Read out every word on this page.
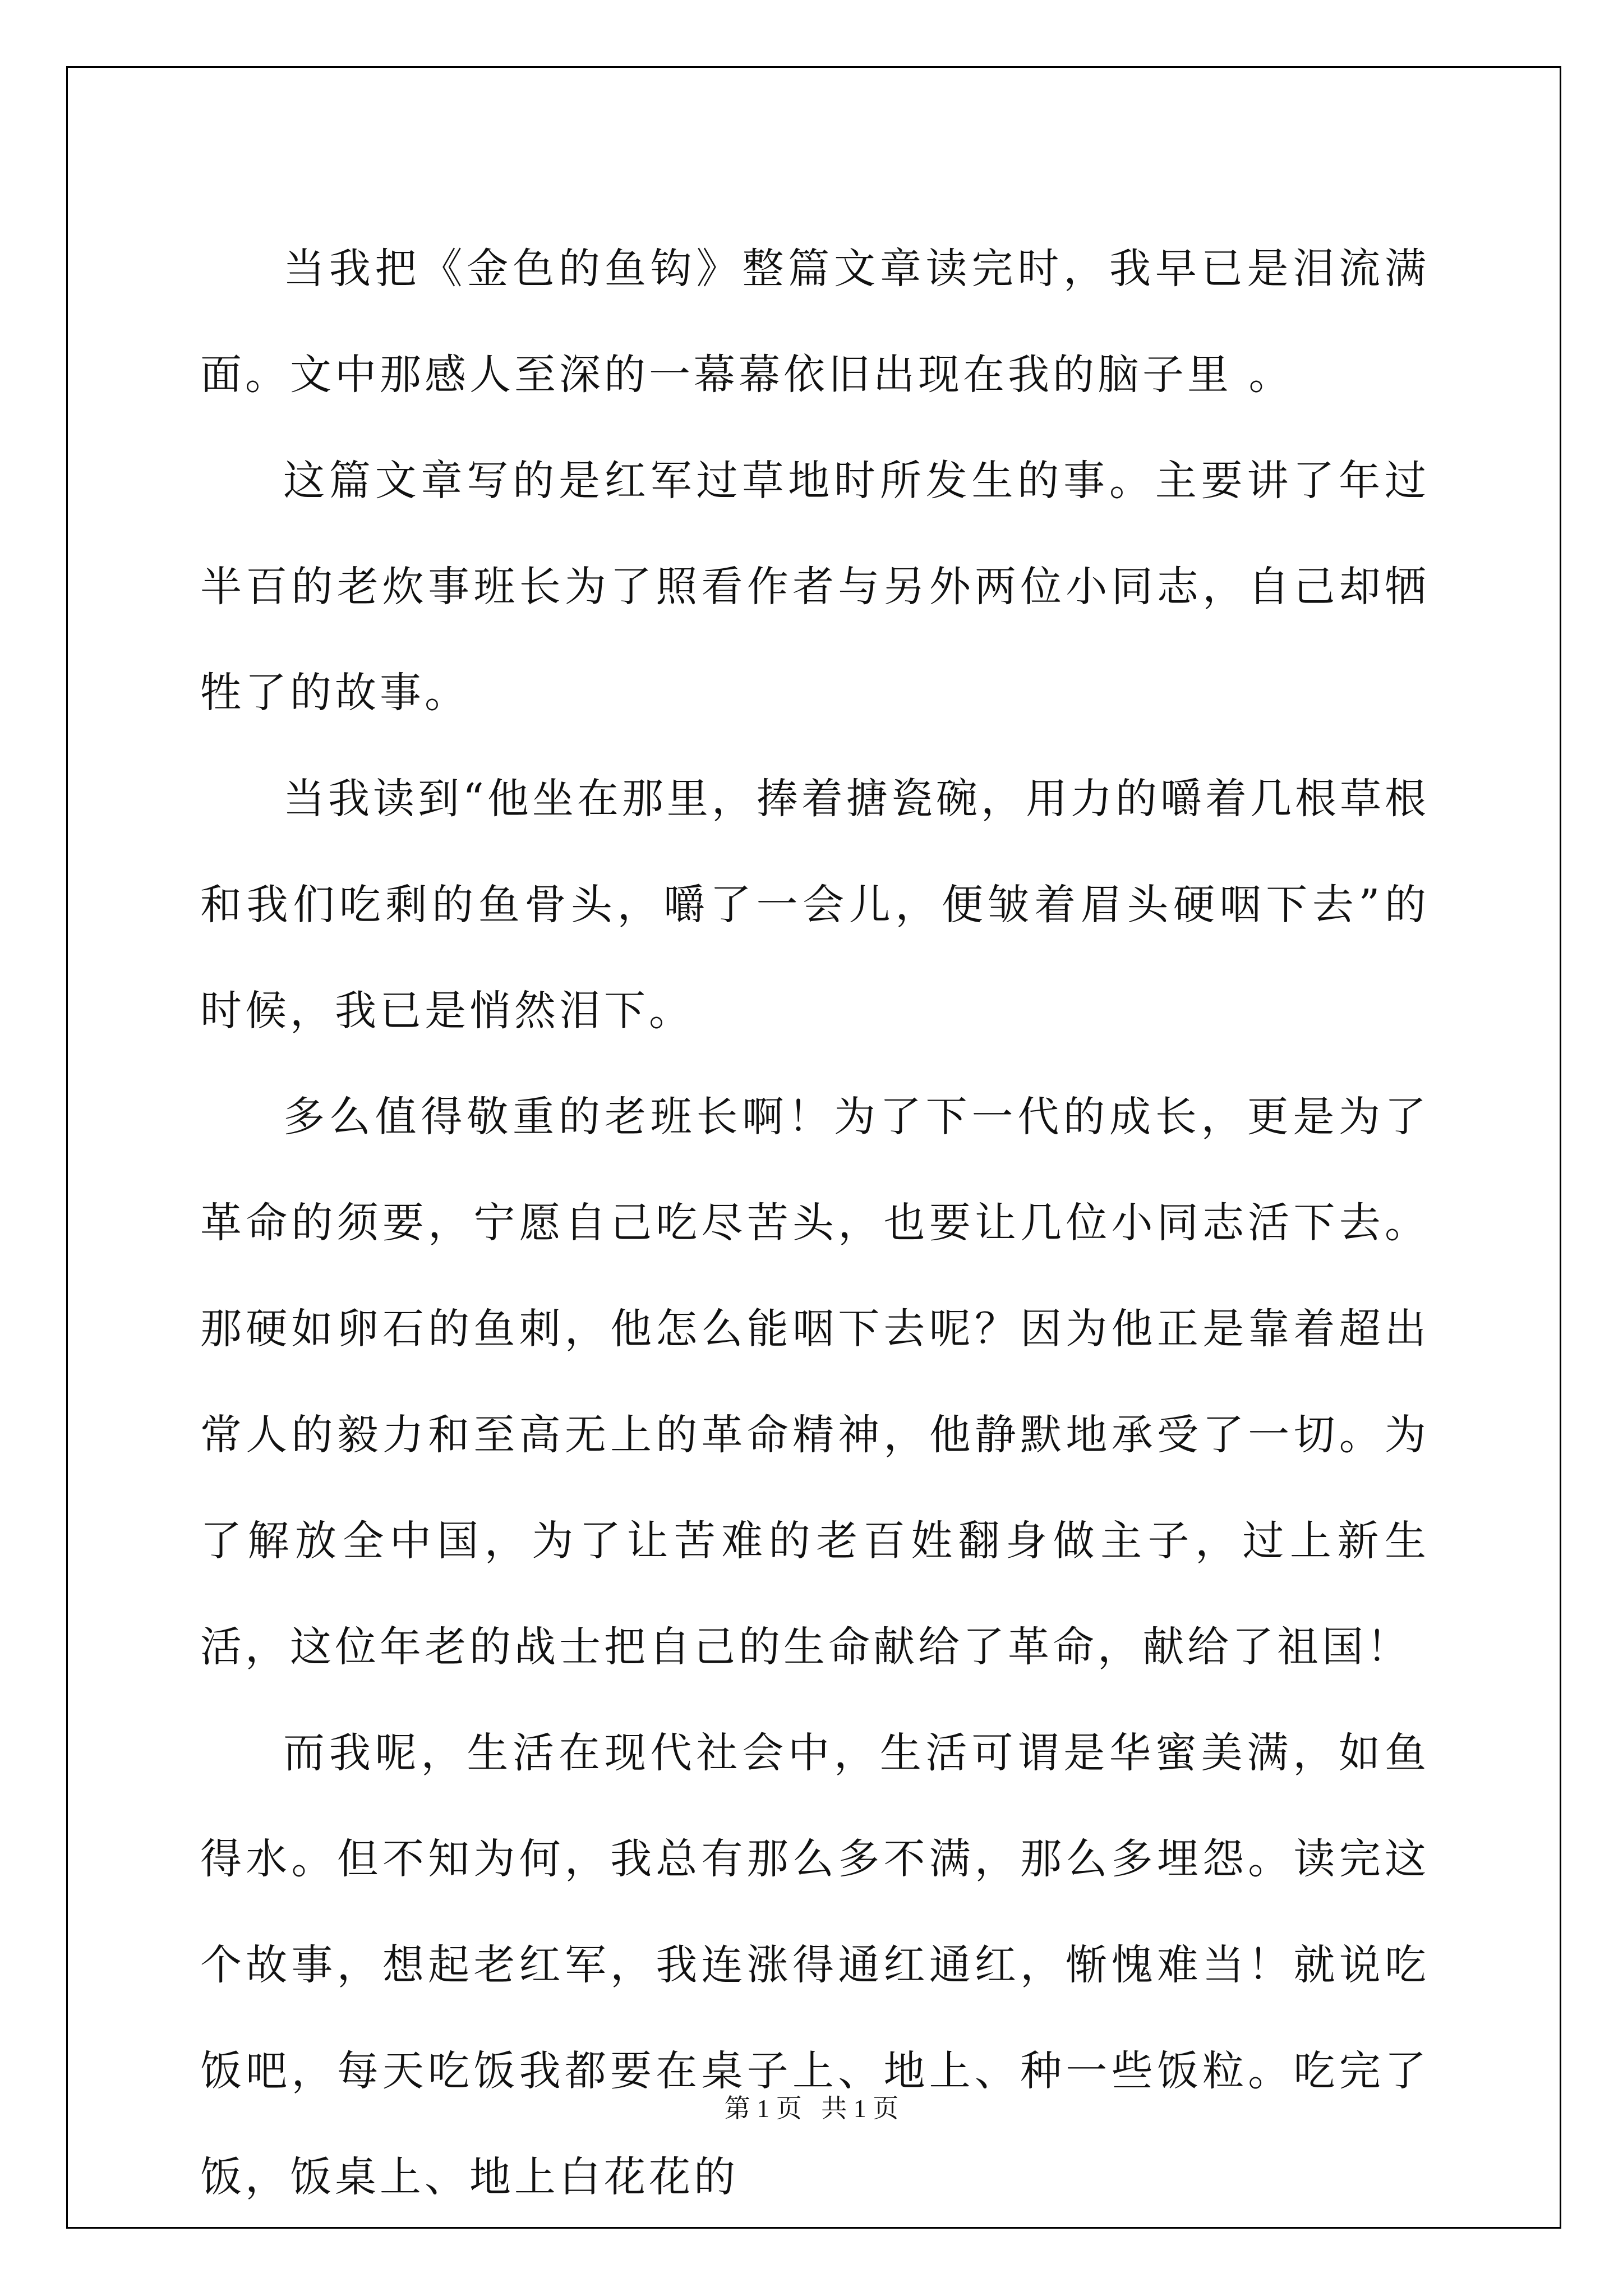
当我把《金色的鱼钩》整篇文章读完时，我早已是泪流满面。文中那感人至深的一幕幕依旧出现在我的脑子里 。

这篇文章写的是红军过草地时所发生的事。主要讲了年过半百的老炊事班长为了照看作者与另外两位小同志，自己却牺牲了的故事。

当我读到“他坐在那里，捧着搪瓷碗，用力的嚼着几根草根和我们吃剩的鱼骨头，嚼了一会儿，便皱着眉头硬咽下去”的时候，我已是悄然泪下。

多么值得敬重的老班长啊！为了下一代的成长，更是为了革命的须要，宁愿自己吃尽苦头，也要让几位小同志活下去。那硬如卵石的鱼刺，他怎么能咽下去呢？因为他正是靠着超出常人的毅力和至高无上的革命精神，他静默地承受了一切。为了解放全中国，为了让苦难的老百姓翻身做主子，过上新生活，这位年老的战士把自己的生命献给了革命，献给了祖国！

而我呢，生活在现代社会中，生活可谓是华蜜美满，如鱼得水。但不知为何，我总有那么多不满，那么多埋怨。读完这个故事，想起老红军，我连涨得通红通红，惭愧难当！就说吃饭吧，每天吃饭我都要在桌子上、地上、种一些饭粒。吃完了饭，饭桌上、地上白花花的

第 1 页   共 1 页
